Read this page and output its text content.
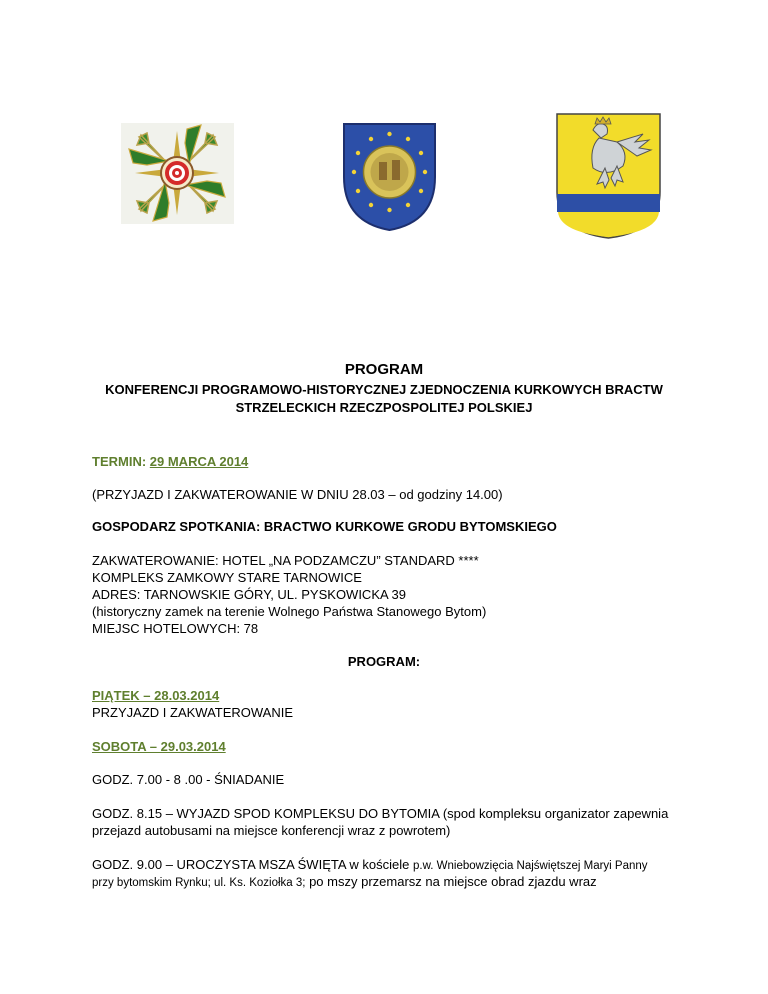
PROGRAM
KONFERENCJI PROGRAMOWO-HISTORYCZNEJ ZJEDNOCZENIA KURKOWYCH BRACTW
STRZELECKICH RZECZPOSPOLITEJ POLSKIEJ
TERMIN: 29 MARCA 2014
(PRZYJAZD I ZAKWATEROWANIE W DNIU 28.03 – od godziny 14.00)
GOSPODARZ SPOTKANIA: BRACTWO KURKOWE GRODU BYTOMSKIEGO
ZAKWATEROWANIE: HOTEL „NA PODZAMCZU” STANDARD ****
KOMPLEKS ZAMKOWY STARE TARNOWICE
ADRES: TARNOWSKIE GÓRY, UL. PYSKOWICKA 39
(historyczny zamek na terenie Wolnego Państwa Stanowego Bytom)
MIEJSC HOTELOWYCH: 78
PROGRAM:
PIĄTEK – 28.03.2014
PRZYJAZD I ZAKWATEROWANIE
SOBOTA – 29.03.2014
GODZ. 7.00 - 8 .00 - ŚNIADANIE
GODZ. 8.15 – WYJAZD SPOD KOMPLEKSU DO BYTOMIA (spod kompleksu organizator zapewnia
przejazd autobusami na miejsce konferencji wraz z powrotem)
GODZ. 9.00 – UROCZYSTA MSZA ŚWIĘTA w kościele p.w. Wniebowzięcia Najświętszej Maryi Panny
przy bytomskim Rynku; ul. Ks. Koziołka 3; po mszy przemarsz na miejsce obrad zjazdu wraz
